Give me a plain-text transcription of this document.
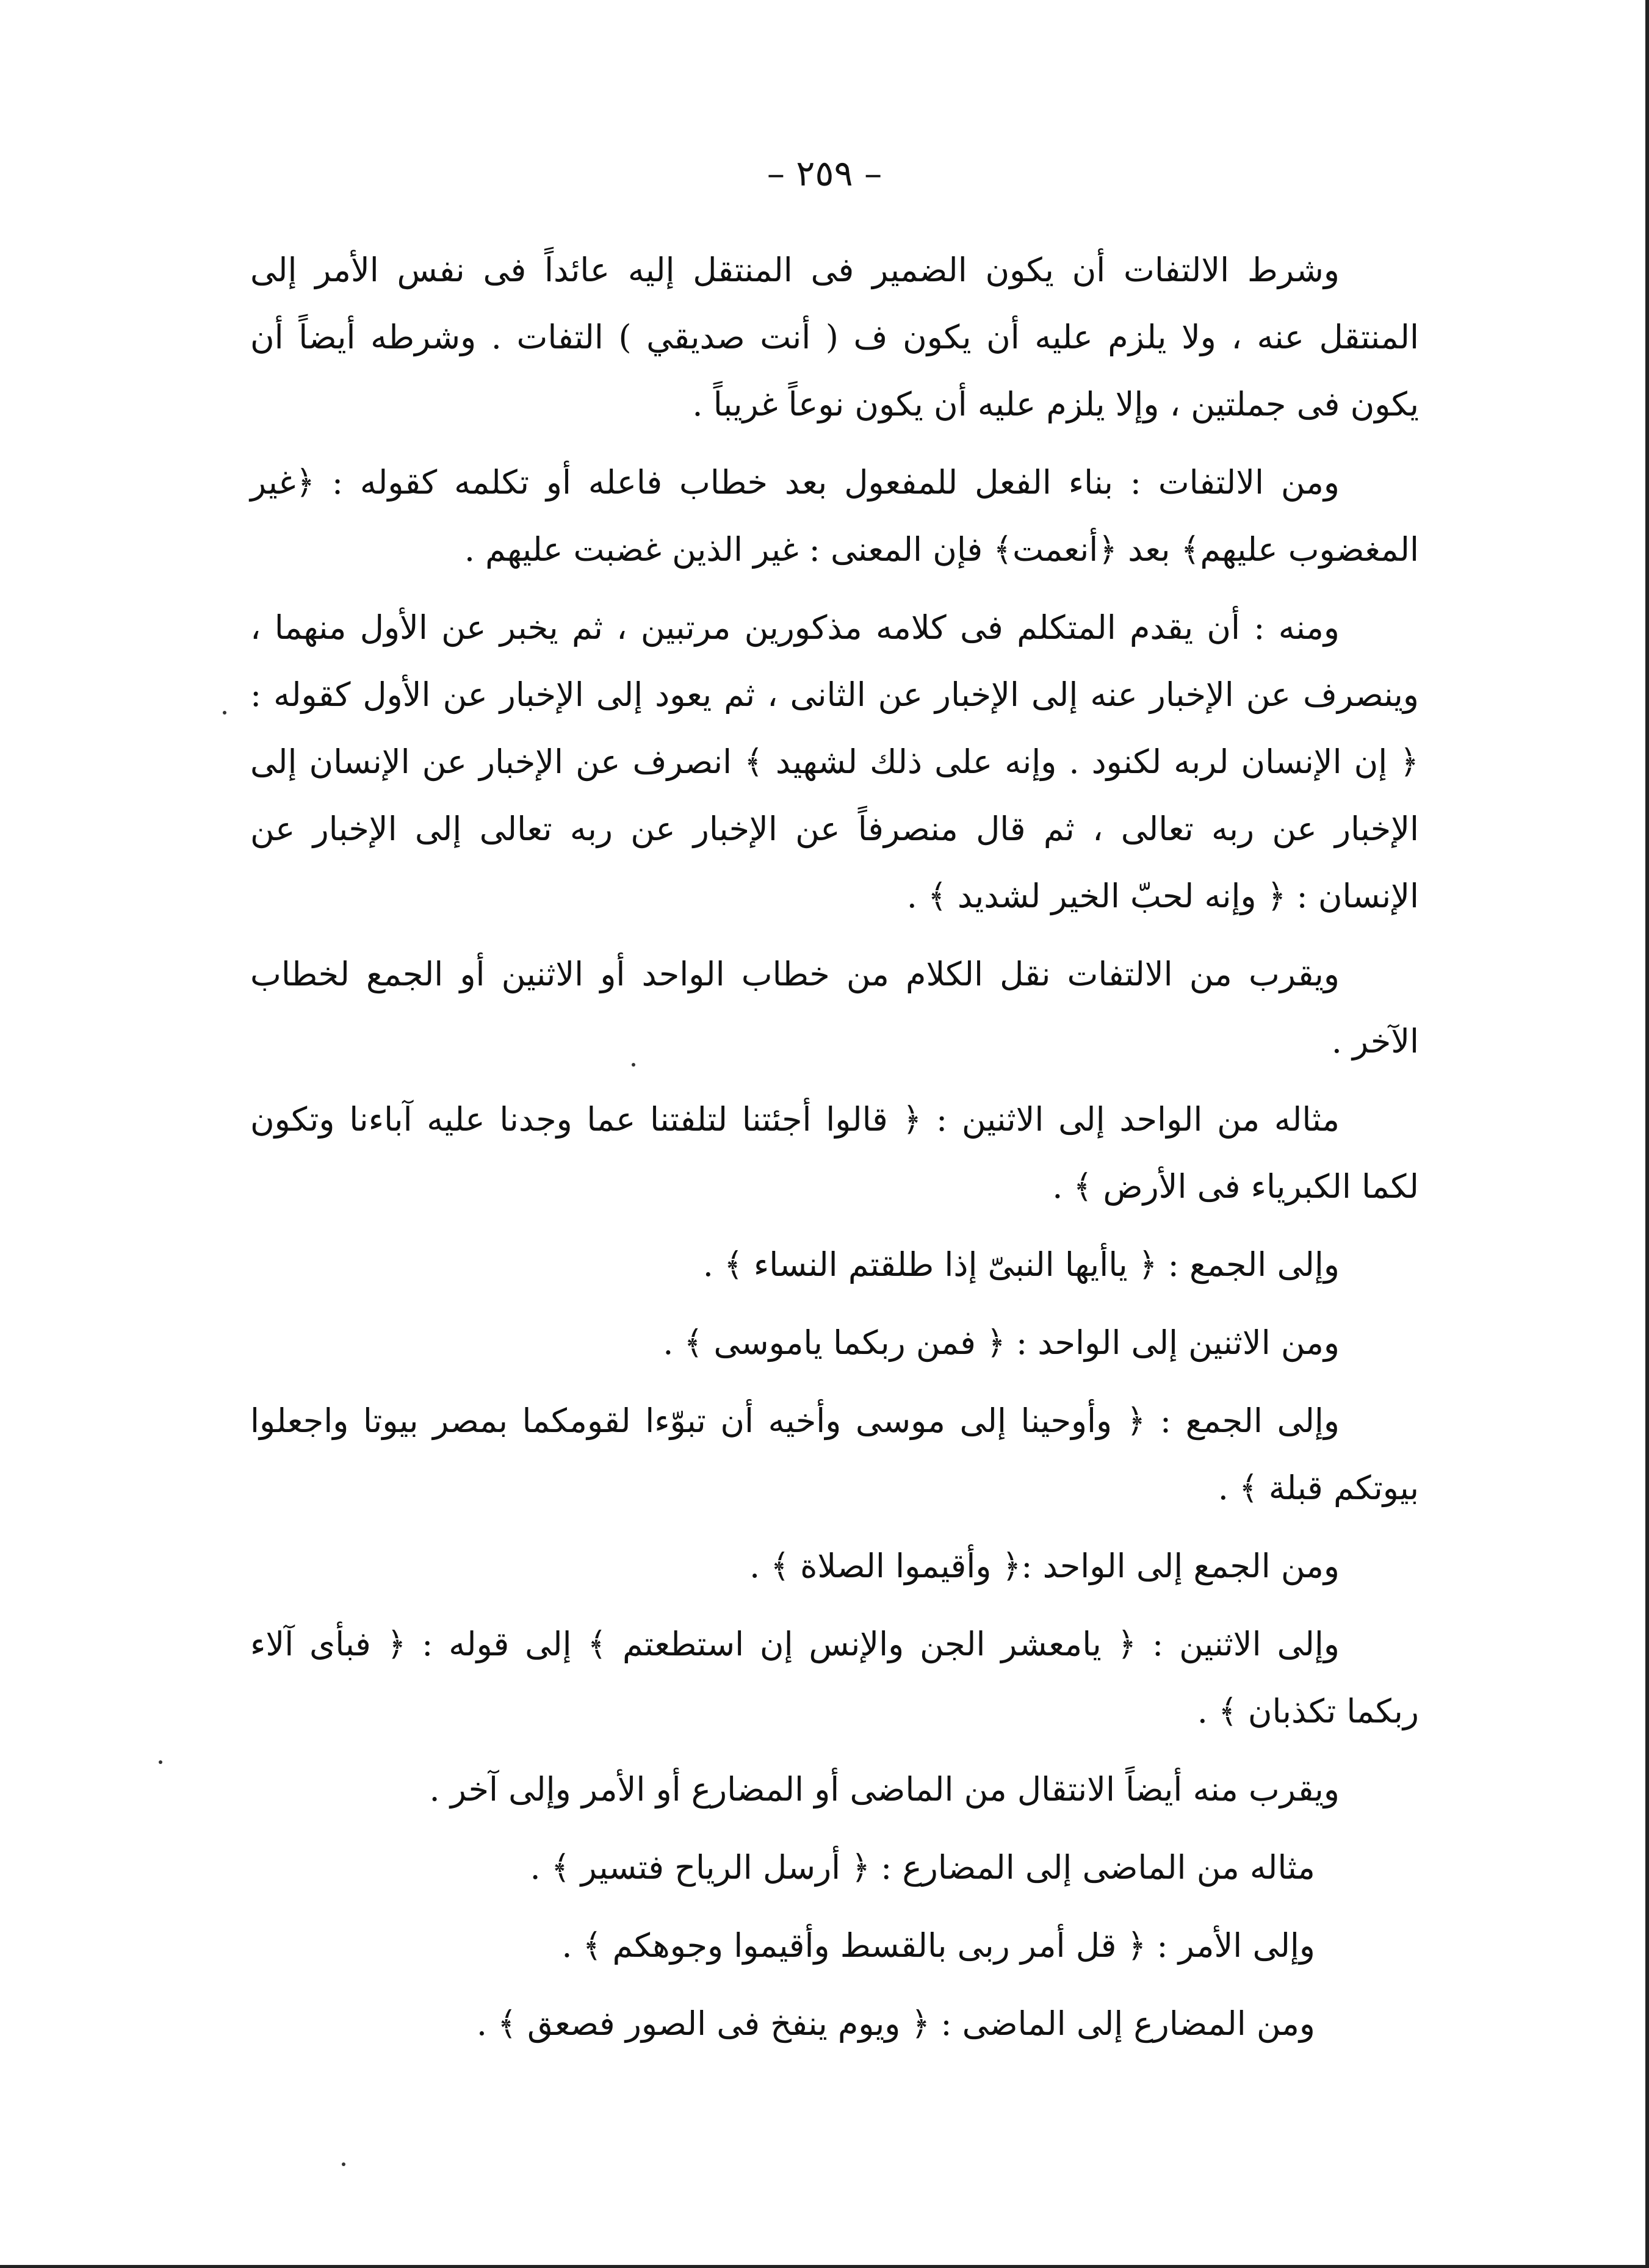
– ٢٥٩ –

وشرط الالتفات أن يكون الضمير فى المنتقل إليه عائداً فى نفس الأمر إلى المنتقل عنه ، ولا يلزم عليه أن يكون ف ( أنت صديقي ) التفات . وشرطه أيضاً أن يكون فى جملتين ، وإلا يلزم عليه أن يكون نوعاً غريباً .

ومن الالتفات : بناء الفعل للمفعول بعد خطاب فاعله أو تكلمه كقوله : ﴿غير المغضوب عليهم﴾ بعد ﴿أنعمت﴾ فإن المعنى : غير الذين غضبت عليهم .

ومنه : أن يقدم المتكلم فى كلامه مذكورين مرتبين ، ثم يخبر عن الأول منهما ، وينصرف عن الإخبار عنه إلى الإخبار عن الثانى ، ثم يعود إلى الإخبار عن الأول كقوله : ﴿ إن الإنسان لربه لكنود . وإنه على ذلك لشهيد ﴾ انصرف عن الإخبار عن الإنسان إلى الإخبار عن ربه تعالى ، ثم قال منصرفاً عن الإخبار عن ربه تعالى إلى الإخبار عن الإنسان : ﴿ وإنه لحبّ الخير لشديد ﴾ .

ويقرب من الالتفات نقل الكلام من خطاب الواحد أو الاثنين أو الجمع لخطاب الآخر .

مثاله من الواحد إلى الاثنين : ﴿ قالوا أجئتنا لتلفتنا عما وجدنا عليه آباءنا وتكون لكما الكبرياء فى الأرض ﴾ .

وإلى الجمع : ﴿ ياأيها النبىّ إذا طلقتم النساء ﴾ .

ومن الاثنين إلى الواحد : ﴿ فمن ربكما ياموسى ﴾ .

وإلى الجمع : ﴿ وأوحينا إلى موسى وأخيه أن تبوّءا لقومكما بمصر بيوتا واجعلوا بيوتكم قبلة ﴾ .

ومن الجمع إلى الواحد :﴿ وأقيموا الصلاة ﴾ .

وإلى الاثنين : ﴿ يامعشر الجن والإنس إن استطعتم ﴾ إلى قوله : ﴿ فبأى آلاء ربكما تكذبان ﴾ .

ويقرب منه أيضاً الانتقال من الماضى أو المضارع أو الأمر وإلى آخر .

مثاله من الماضى إلى المضارع : ﴿ أرسل الرياح فتسير ﴾ .

وإلى الأمر : ﴿ قل أمر ربى بالقسط وأقيموا وجوهكم ﴾ .

ومن المضارع إلى الماضى : ﴿ ويوم ينفخ فى الصور فصعق ﴾ .
